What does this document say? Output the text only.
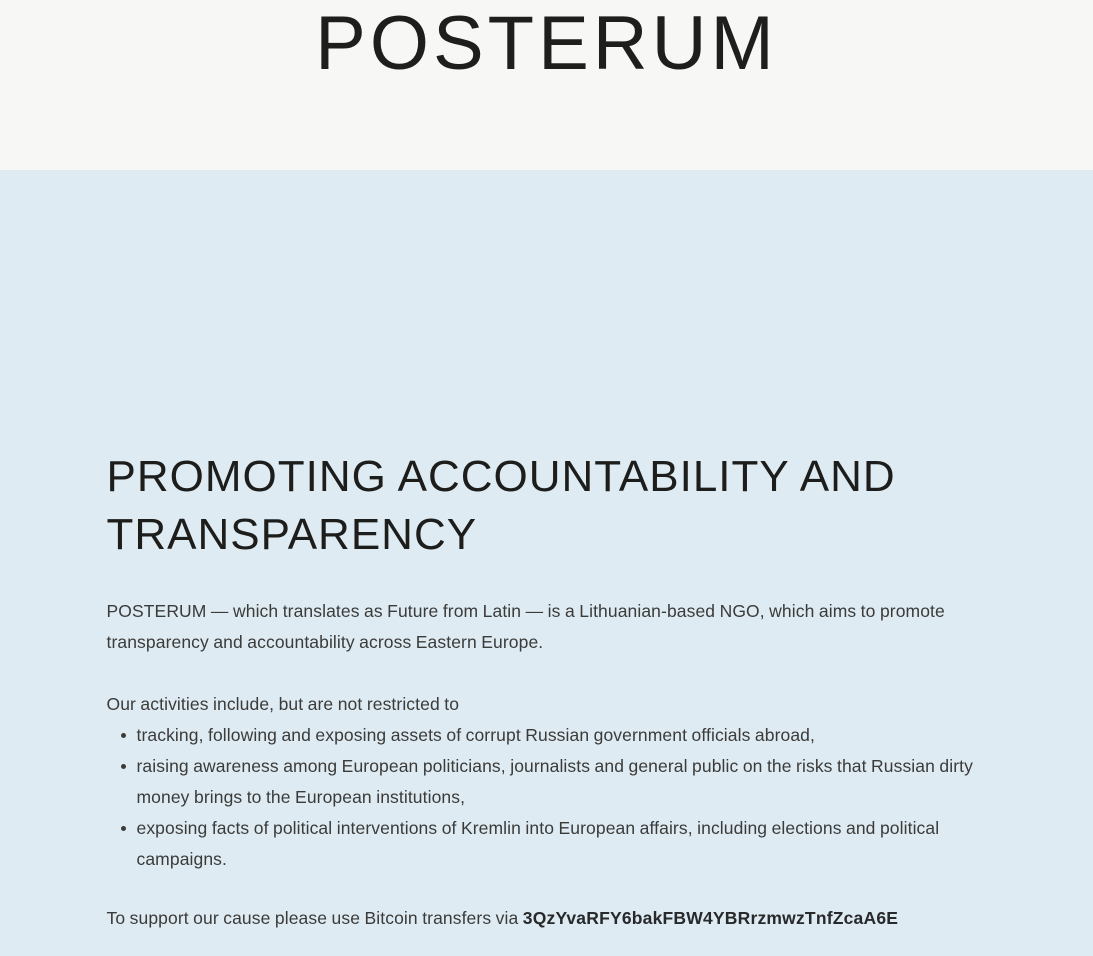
POSTERUM
PROMOTING ACCOUNTABILITY AND TRANSPARENCY

POSTERUM — which translates as Future from Latin — is a Lithuanian-based NGO, which aims to promote transparency and accountability across Eastern Europe.

Our activities include, but are not restricted to

tracking, following and exposing assets of corrupt Russian government officials abroad,
raising awareness among European politicians, journalists and general public on the risks that Russian dirty money brings to the European institutions,
exposing facts of political interventions of Kremlin into European affairs, including elections and political campaigns.

To support our cause please use Bitcoin transfers via 3QzYvaRFY6bakFBW4YBRrzmwzTnfZcaA6E
